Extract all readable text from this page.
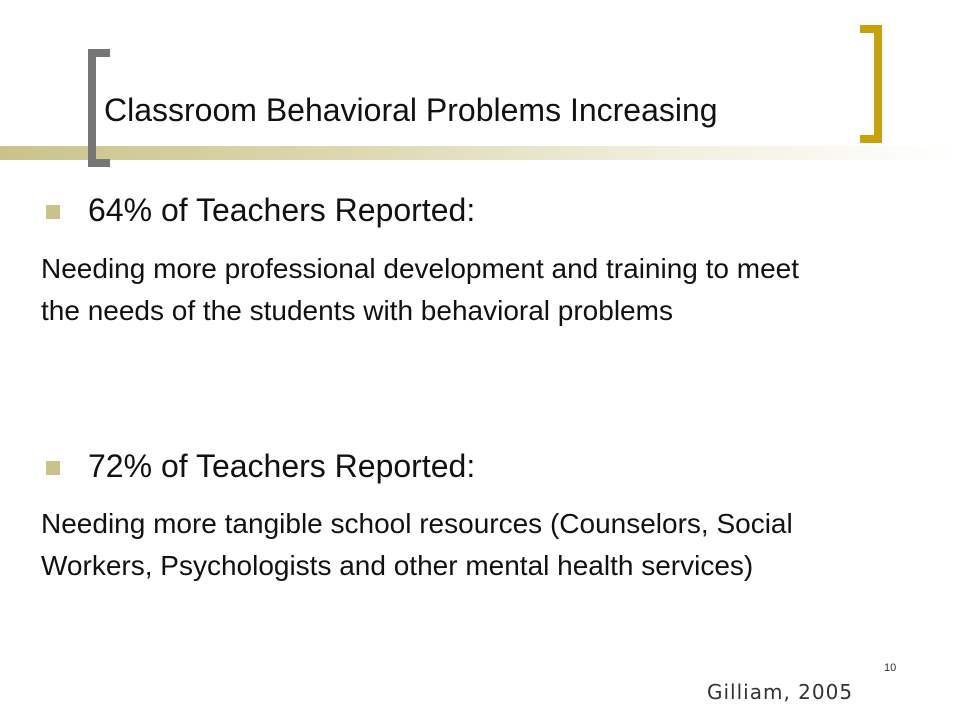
Classroom Behavioral Problems Increasing
64% of Teachers Reported:

Needing more professional development and training to meet the needs of the students with behavioral problems

72% of Teachers Reported:

Needing more tangible school resources (Counselors, Social Workers, Psychologists and other mental health services)

10
Gilliam, 2005
